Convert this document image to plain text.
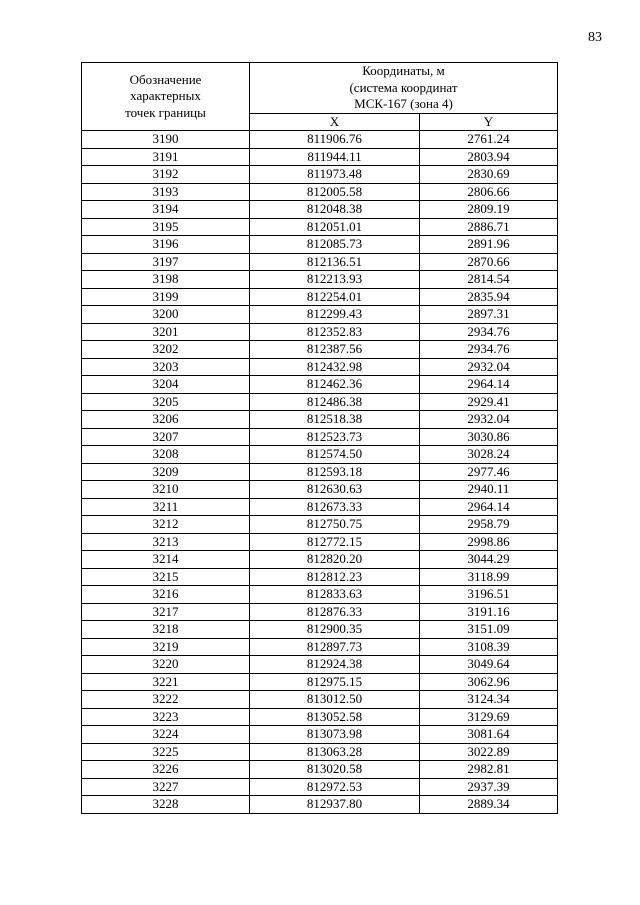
83
Обозначение
характерных
точек границы	Координаты, м
(система координат
МСК-167 (зона 4)	

	X	Y
3190	811906.76	2761.24
3191	811944.11	2803.94
3192	811973.48	2830.69
3193	812005.58	2806.66
3194	812048.38	2809.19
3195	812051.01	2886.71
3196	812085.73	2891.96
3197	812136.51	2870.66
3198	812213.93	2814.54
3199	812254.01	2835.94
3200	812299.43	2897.31
3201	812352.83	2934.76
3202	812387.56	2934.76
3203	812432.98	2932.04
3204	812462.36	2964.14
3205	812486.38	2929.41
3206	812518.38	2932.04
3207	812523.73	3030.86
3208	812574.50	3028.24
3209	812593.18	2977.46
3210	812630.63	2940.11
3211	812673.33	2964.14
3212	812750.75	2958.79
3213	812772.15	2998.86
3214	812820.20	3044.29
3215	812812.23	3118.99
3216	812833.63	3196.51
3217	812876.33	3191.16
3218	812900.35	3151.09
3219	812897.73	3108.39
3220	812924.38	3049.64
3221	812975.15	3062.96
3222	813012.50	3124.34
3223	813052.58	3129.69
3224	813073.98	3081.64
3225	813063.28	3022.89
3226	813020.58	2982.81
3227	812972.53	2937.39
3228	812937.80	2889.34
